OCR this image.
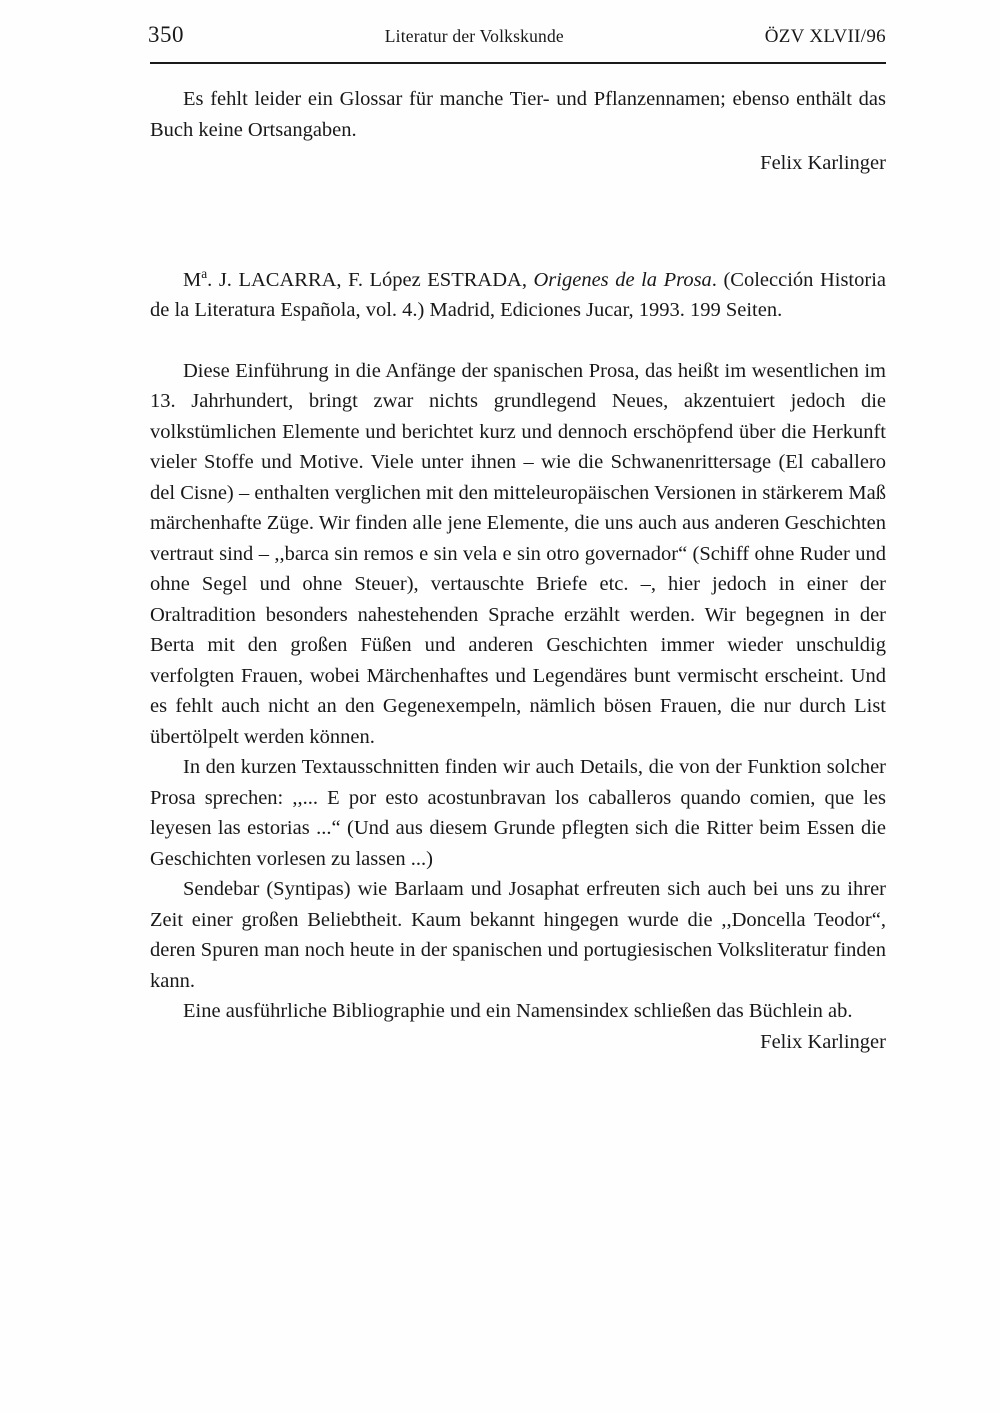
350	Literatur der Volkskunde	ÖZV XLVII/96

Es fehlt leider ein Glossar für manche Tier- und Pflanzennamen; ebenso enthält das Buch keine Ortsangaben.

Felix Karlinger

$M^a$. J. LACARRA, F. López ESTRADA, Origenes de la Prosa. (Colección Historia de la Literatura Española, vol. 4.) Madrid, Ediciones Jucar, 1993. 199 Seiten.

Diese Einführung in die Anfänge der spanischen Prosa, das heißt im wesentlichen im 13. Jahrhundert, bringt zwar nichts grundlegend Neues, akzentuiert jedoch die volkstümlichen Elemente und berichtet kurz und dennoch erschöpfend über die Herkunft vieler Stoffe und Motive. Viele unter ihnen – wie die Schwanenrittersage (El caballero del Cisne) – enthalten verglichen mit den mitteleuropäischen Versionen in stärkerem Maß märchenhafte Züge. Wir finden alle jene Elemente, die uns auch aus anderen Geschichten vertraut sind – ,,barca sin remos e sin vela e sin otro governador“ (Schiff ohne Ruder und ohne Segel und ohne Steuer), vertauschte Briefe etc. –, hier jedoch in einer der Oraltradition besonders nahestehenden Sprache erzählt werden. Wir begegnen in der Berta mit den großen Füßen und anderen Geschichten immer wieder unschuldig verfolgten Frauen, wobei Märchenhaftes und Legendäres bunt vermischt erscheint. Und es fehlt auch nicht an den Gegenexempeln, nämlich bösen Frauen, die nur durch List übertölpelt werden können.

In den kurzen Textausschnitten finden wir auch Details, die von der Funktion solcher Prosa sprechen: ,,... E por esto acostunbravan los caballeros quando comien, que les leyesen las estorias ...“ (Und aus diesem Grunde pflegten sich die Ritter beim Essen die Geschichten vorlesen zu lassen ...)

Sendebar (Syntipas) wie Barlaam und Josaphat erfreuten sich auch bei uns zu ihrer Zeit einer großen Beliebtheit. Kaum bekannt hingegen wurde die ,,Doncella Teodor“, deren Spuren man noch heute in der spanischen und portugiesischen Volksliteratur finden kann.

Eine ausführliche Bibliographie und ein Namensindex schließen das Büchlein ab.

Felix Karlinger
